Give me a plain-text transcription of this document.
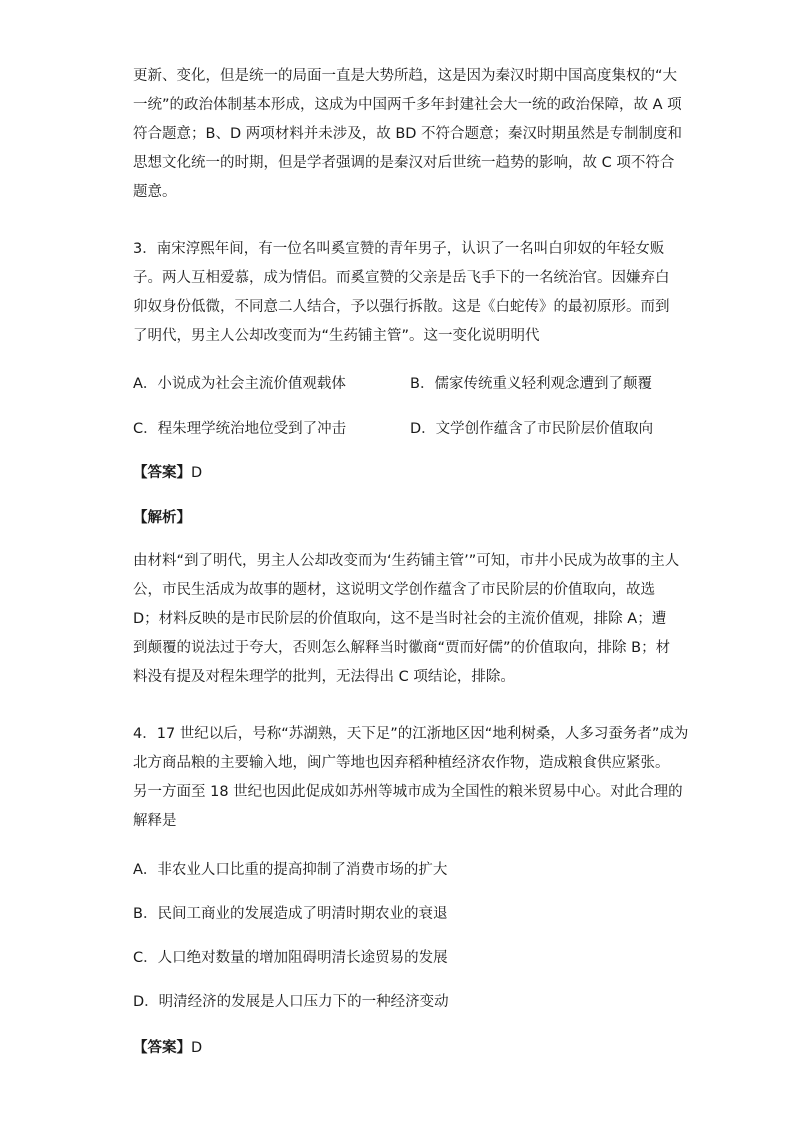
更新、变化，但是统一的局面一直是大势所趋，这是因为秦汉时期中国高度集权的“大
一统”的政治体制基本形成，这成为中国两千多年封建社会大一统的政治保障，故 A 项
符合题意；B、D 两项材料并未涉及，故 BD 不符合题意；秦汉时期虽然是专制制度和
思想文化统一的时期，但是学者强调的是秦汉对后世统一趋势的影响，故 C 项不符合
题意。
3．南宋淳熙年间，有一位名叫奚宣赞的青年男子，认识了一名叫白卯奴的年轻女贩
子。两人互相爱慕，成为情侣。而奚宣赞的父亲是岳飞手下的一名统治官。因嫌弃白
卯奴身份低微，不同意二人结合，予以强行拆散。这是《白蛇传》的最初原形。而到
了明代，男主人公却改变而为“生药铺主管”。这一变化说明明代
A．小说成为社会主流价值观载体	B．儒家传统重义轻利观念遭到了颠覆
C．程朱理学统治地位受到了冲击	D．文学创作蕴含了市民阶层价值取向
【答案】D
【解析】
由材料“到了明代，男主人公却改变而为‘生药铺主管’”可知，市井小民成为故事的主人
公，市民生活成为故事的题材，这说明文学创作蕴含了市民阶层的价值取向，故选
D；材料反映的是市民阶层的价值取向，这不是当时社会的主流价值观，排除 A；遭
到颠覆的说法过于夸大，否则怎么解释当时徽商“贾而好儒”的价值取向，排除 B；材
料没有提及对程朱理学的批判，无法得出 C 项结论，排除。
4．17 世纪以后，号称“苏湖熟，天下足”的江浙地区因“地利树桑，人多习蚕务者”成为
北方商品粮的主要输入地，闽广等地也因弃稻种植经济农作物，造成粮食供应紧张。
另一方面至 18 世纪也因此促成如苏州等城市成为全国性的粮米贸易中心。对此合理的
解释是
A．非农业人口比重的提高抑制了消费市场的扩大
B．民间工商业的发展造成了明清时期农业的衰退
C．人口绝对数量的增加阻碍明清长途贸易的发展
D．明清经济的发展是人口压力下的一种经济变动
【答案】D
